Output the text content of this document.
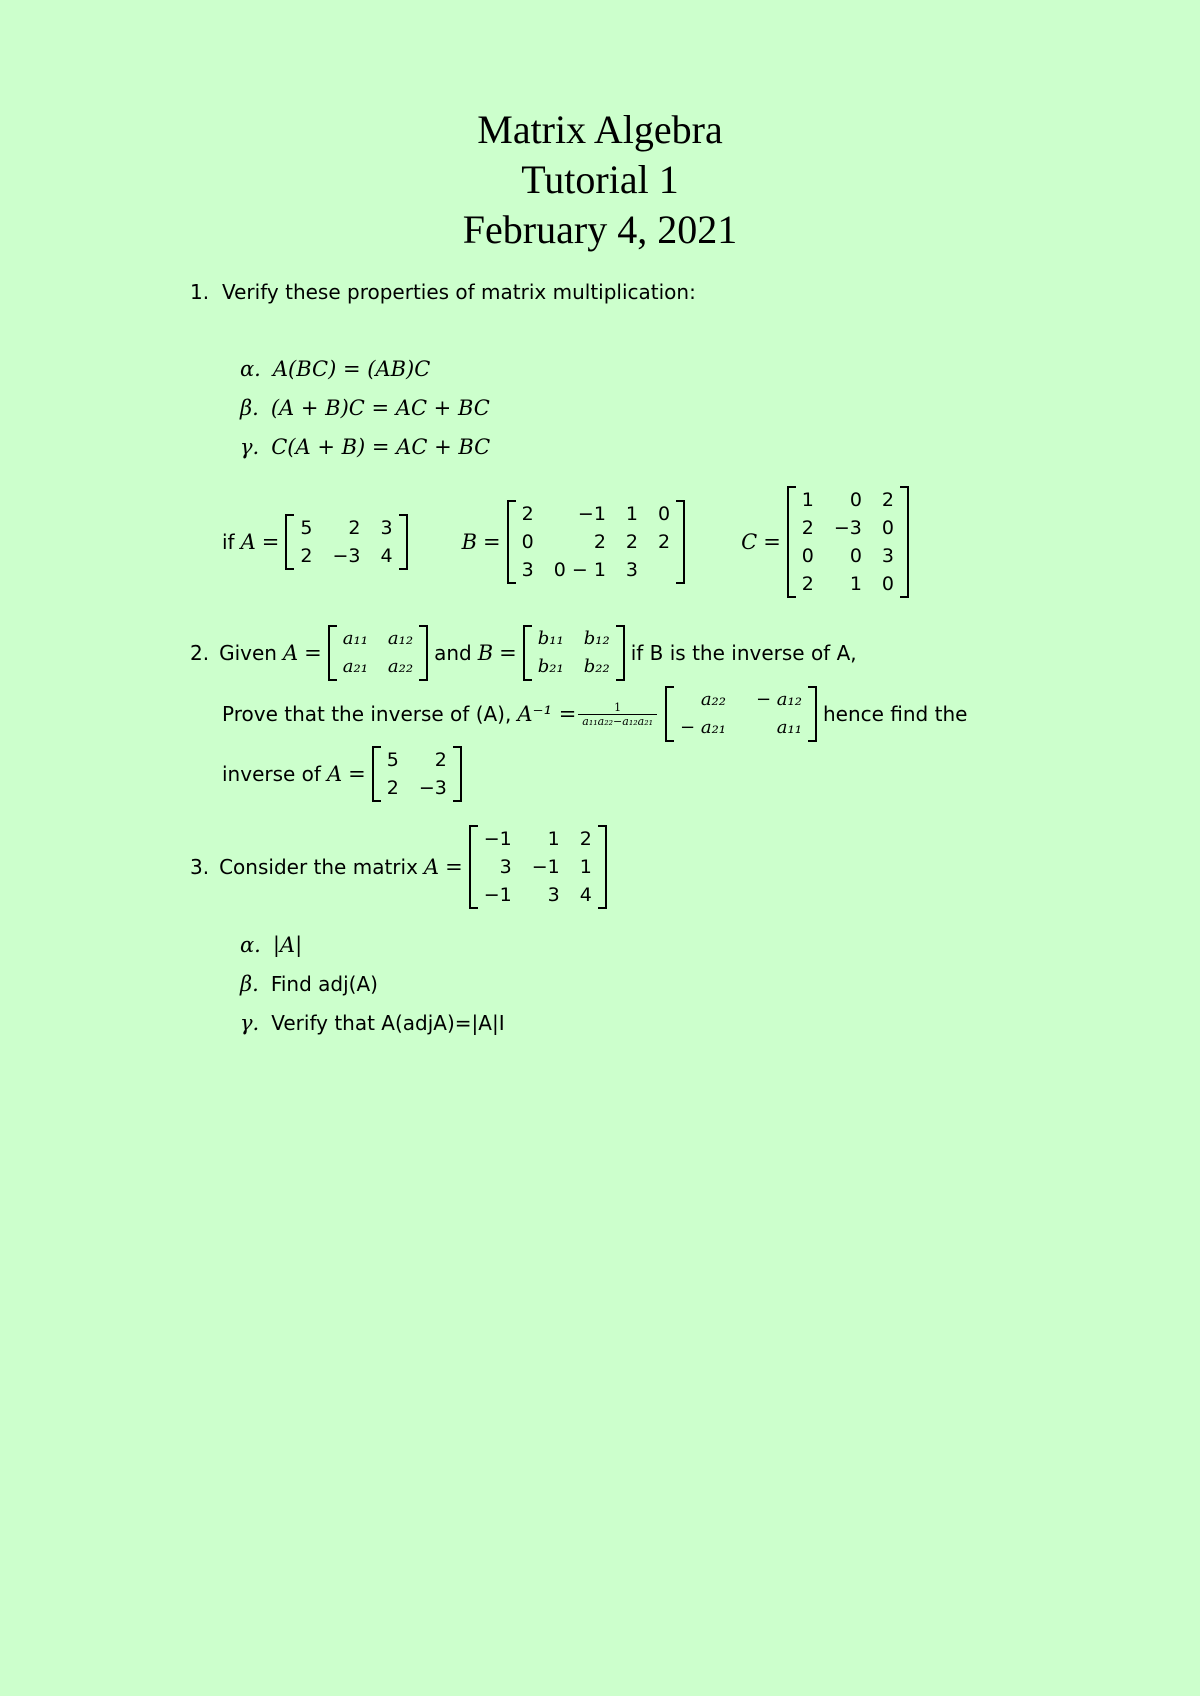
Matrix Algebra
Tutorial 1
February 4, 2021
1. Verify these properties of matrix multiplication:
α. A(BC) = (AB)C
β. (A + B)C = AC + BC
γ. C(A + B) = AC + BC
if A =
5	2 3
2 −3 4
B =
2	−1 1 0
0	2 2 2
3 0 − 1 3
C =
1	0 2
2 −3 0
0	0 3
2	1 0
2. Given A =
a₁₁ a₁₂
a₂₁ a₂₂
and B =
b₁₁ b₁₂
b₂₁ b₂₂
if B is the inverse of A,
Prove that the inverse of (A), $A^{-1} = \frac{1}{\text{a₁₁a₂₂−a₁₂a₂₁}}$
a₂₂ − a₁₂
− a₂₁	a₁₁
hence find the
inverse of A =
5	2
2 −3
3. Consider the matrix A =
−1	1 2
3 −1 1
−1	3 4
α. |A|
β. Find adj(A)
γ. Verify that A(adjA)=|A|I
